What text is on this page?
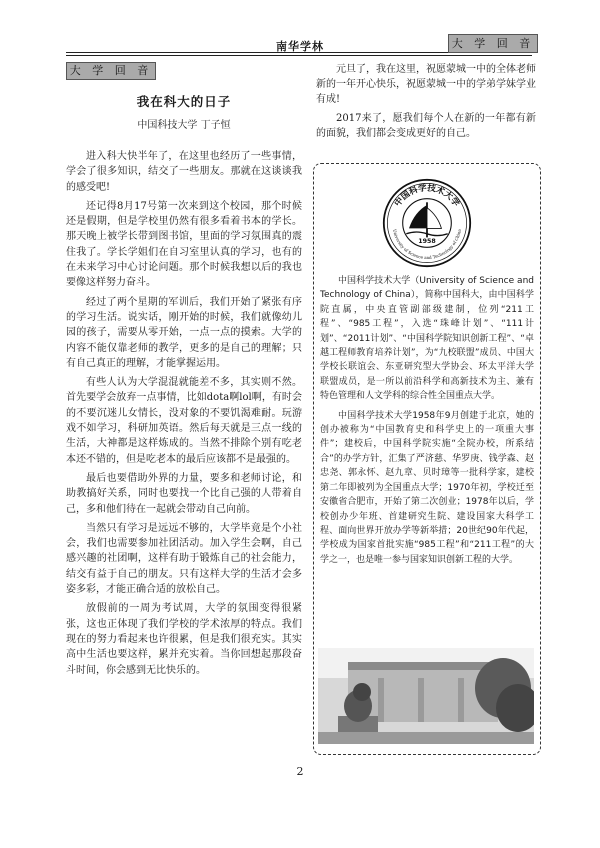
南华学林	大 学 回 音
大 学 回 音
我在科大的日子
中国科技大学 丁子恒

进入科大快半年了，在这里也经历了一些事情，学会了很多知识，结交了一些朋友。那就在这谈谈我的感受吧!

还记得8月17号第一次来到这个校园，那个时候还是假期，但是学校里仍然有很多看着书本的学长。那天晚上被学长带到图书馆，里面的学习氛围真的震住我了。学长学姐们在自习室里认真的学习，也有的在未来学习中心讨论问题。那个时候我想以后的我也要像这样努力奋斗。

经过了两个星期的军训后，我们开始了紧张有序的学习生活。说实话，刚开始的时候，我们就像幼儿园的孩子，需要从零开始，一点一点的摸索。大学的内容不能仅靠老师的教学，更多的是自己的理解；只有自己真正的理解，才能掌握运用。

有些人认为大学混混就能差不多，其实则不然。首先要学会放弃一点事情，比如dota啊lol啊，有时会的不要沉迷儿女情长，没对象的不要饥渴难耐。玩游戏不如学习，科研加英语。然后每天就是三点一线的生活，大神都是这样炼成的。当然不排除个别有吃老本还不错的，但是吃老本的最后应该都不是最强的。

最后也要借助外界的力量，要多和老师讨论，和助教搞好关系，同时也要找一个比自己强的人带着自己，多和他们待在一起就会带动自己向前。

当然只有学习是远远不够的，大学毕竟是个小社会，我们也需要参加社团活动。加入学生会啊，自己感兴趣的社团啊，这样有助于锻炼自己的社会能力，结交有益于自己的朋友。只有这样大学的生活才会多姿多彩，才能正确合适的放松自己。

放假前的一周为考试周，大学的氛围变得很紧张，这也正体现了我们学校的学术浓厚的特点。我们现在的努力看起来也许很累，但是我们很充实。其实高中生活也要这样，累并充实着。当你回想起那段奋斗时间，你会感到无比快乐的。

元旦了，我在这里，祝愿蒙城一中的全体老师新的一年开心快乐，祝愿蒙城一中的学弟学妹学业有成!

2017来了，愿我们每个人在新的一年都有新的面貌，我们都会变成更好的自己。

中国科学技术大学
University of Science and Technology of China
1958

中国科学技术大学（University of Science and Technology of China），简称中国科大，由中国科学院直属，中央直管副部级建制，位列“211工程”、“985工程”，入选“珠峰计划”、“111计划”、“2011计划”、“中国科学院知识创新工程”、“卓越工程师教育培养计划”，为“九校联盟”成员、中国大学校长联谊会、东亚研究型大学协会、环太平洋大学联盟成员，是一所以前沿科学和高新技术为主、兼有特色管理和人文学科的综合性全国重点大学。

中国科学技术大学1958年9月创建于北京，她的创办被称为“中国教育史和科学史上的一项重大事件”；建校后，中国科学院实施“全院办校，所系结合”的办学方针，汇集了严济慈、华罗庚、钱学森、赵忠尧、郭永怀、赵九章、贝时璋等一批科学家，建校第二年即被列为全国重点大学；1970年初，学校迁至安徽省合肥市，开始了第二次创业；1978年以后，学校创办少年班、首建研究生院、建设国家大科学工程、面向世界开放办学等新举措；20世纪90年代起，学校成为国家首批实施“985工程”和“211工程”的大学之一，也是唯一参与国家知识创新工程的大学。

2
